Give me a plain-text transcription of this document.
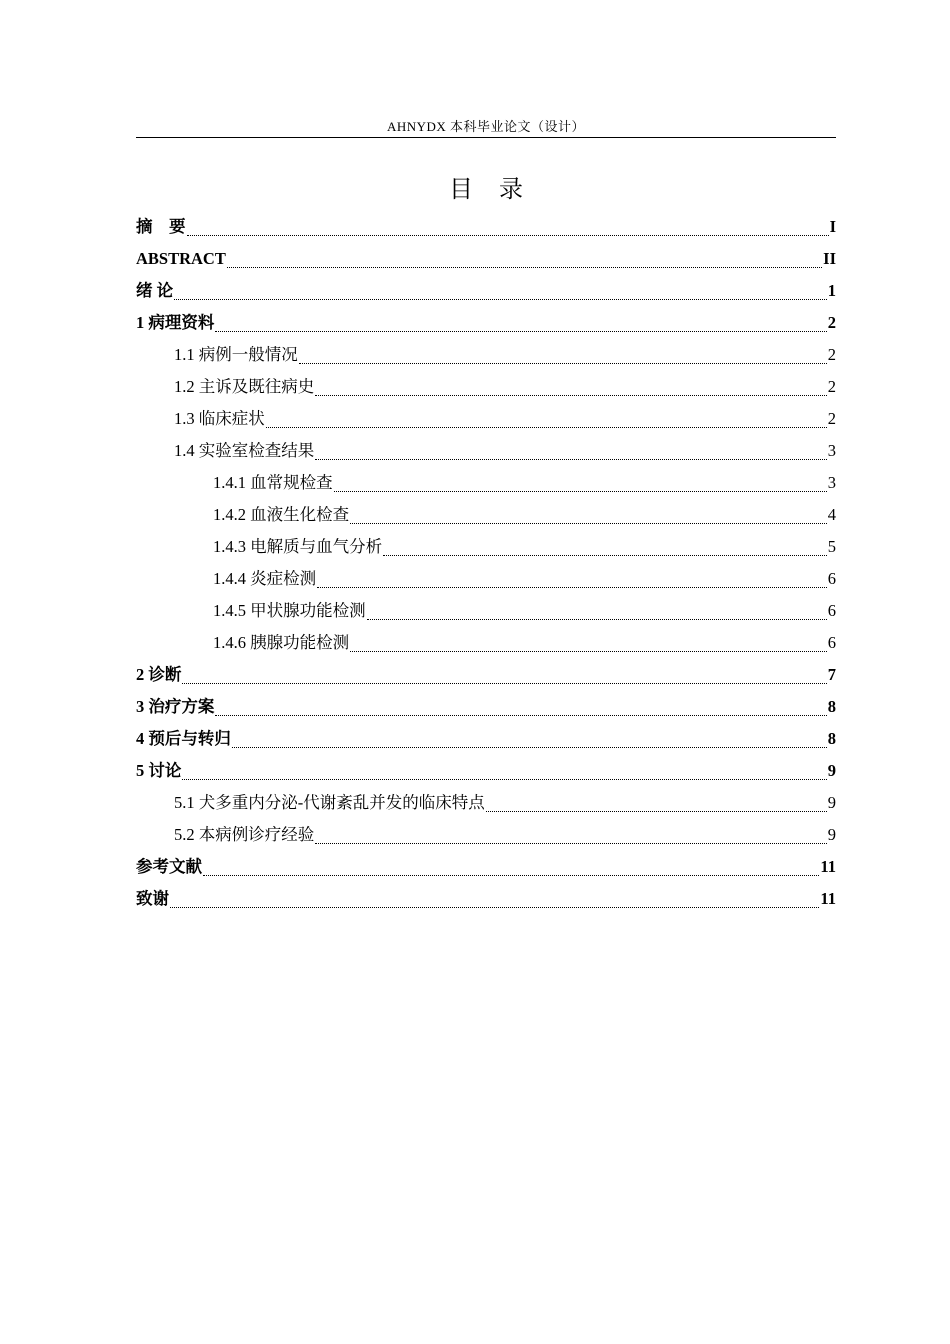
AHNYDX 本科毕业论文（设计）
目录
摘　要	I
ABSTRACT	II
绪 论	1
1 病理资料	2
1.1 病例一般情况	2
1.2 主诉及既往病史	2
1.3 临床症状	2
1.4 实验室检查结果	3
1.4.1 血常规检查	3
1.4.2 血液生化检查	4
1.4.3 电解质与血气分析	5
1.4.4 炎症检测	6
1.4.5 甲状腺功能检测	6
1.4.6 胰腺功能检测	6
2 诊断	7
3 治疗方案	8
4 预后与转归	8
5 讨论	9
5.1 犬多重内分泌-代谢紊乱并发的临床特点	9
5.2 本病例诊疗经验	9
参考文献	11
致谢	11
